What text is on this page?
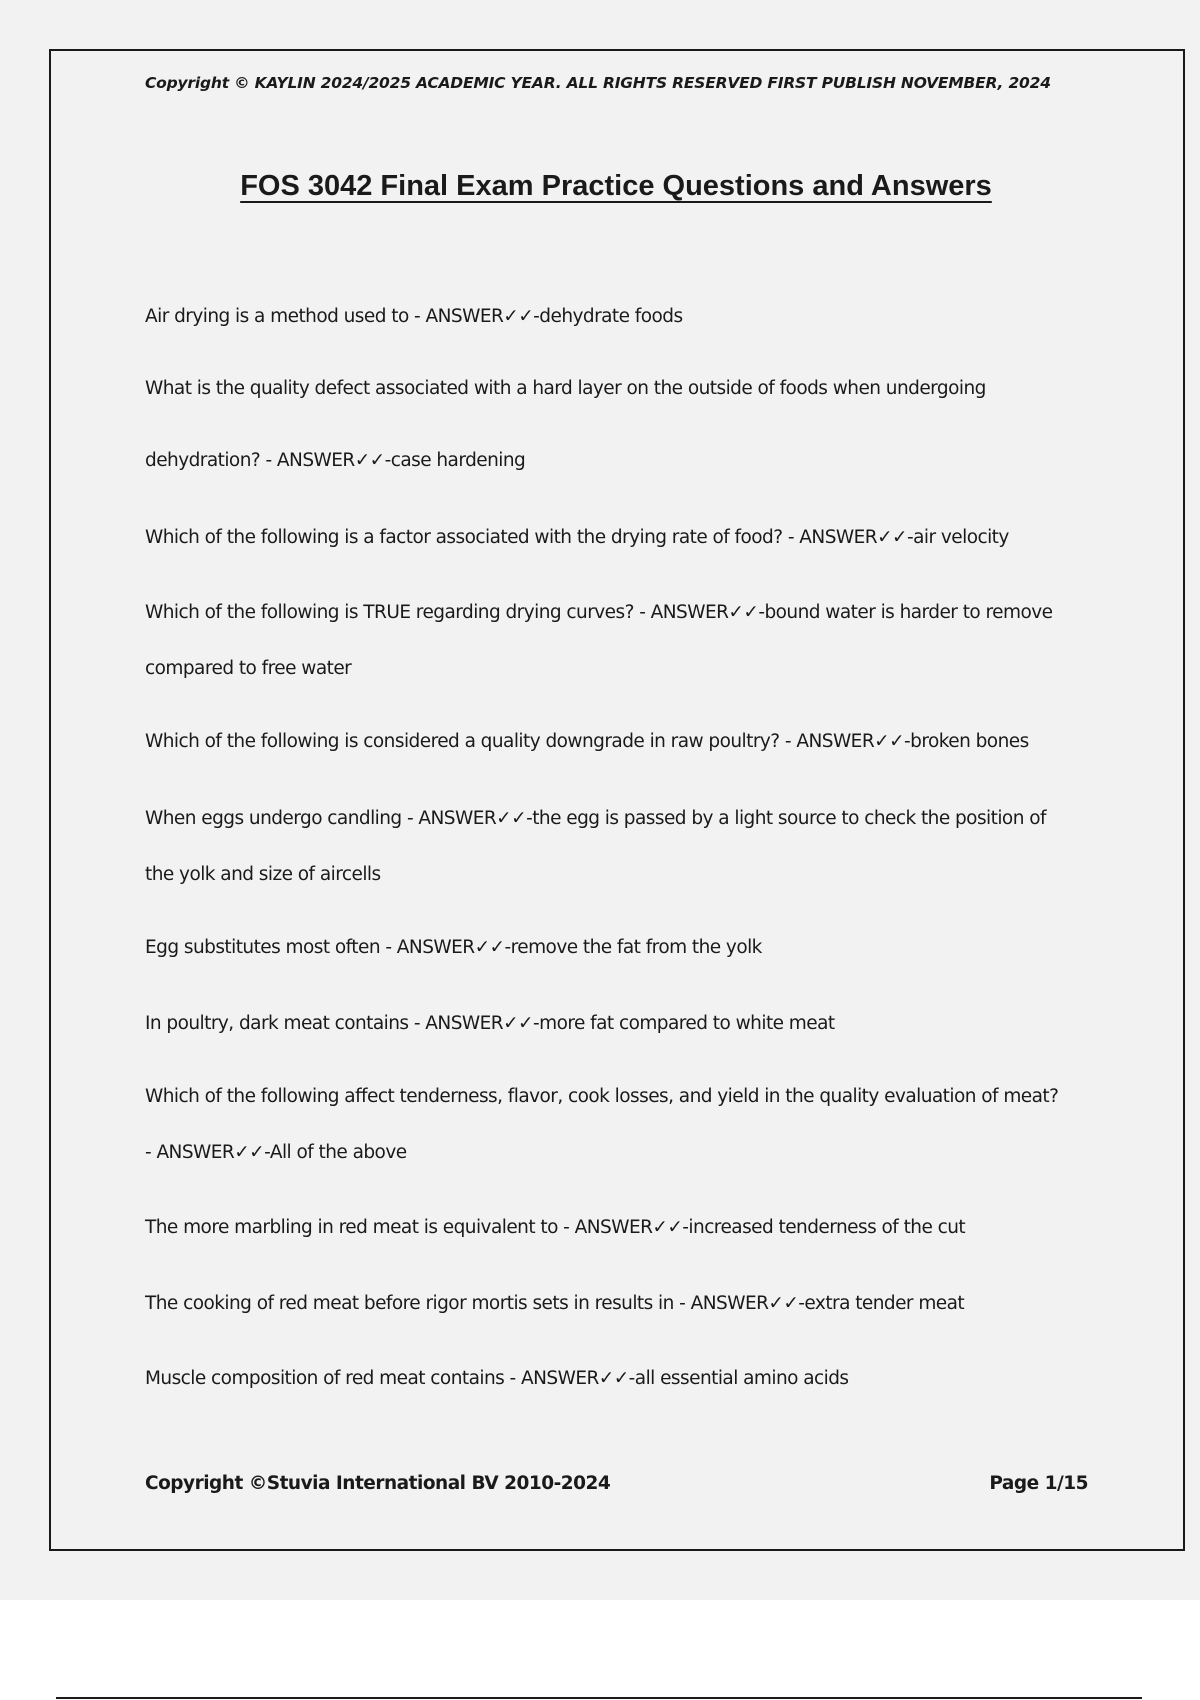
Copyright © KAYLIN 2024/2025 ACADEMIC YEAR. ALL RIGHTS RESERVED FIRST PUBLISH NOVEMBER, 2024
FOS 3042 Final Exam Practice Questions and Answers
Air drying is a method used to - ANSWER✓✓-dehydrate foods
What is the quality defect associated with a hard layer on the outside of foods when undergoing
dehydration? - ANSWER✓✓-case hardening
Which of the following is a factor associated with the drying rate of food? - ANSWER✓✓-air velocity
Which of the following is TRUE regarding drying curves? - ANSWER✓✓-bound water is harder to remove
compared to free water
Which of the following is considered a quality downgrade in raw poultry? - ANSWER✓✓-broken bones
When eggs undergo candling - ANSWER✓✓-the egg is passed by a light source to check the position of
the yolk and size of aircells
Egg substitutes most often - ANSWER✓✓-remove the fat from the yolk
In poultry, dark meat contains - ANSWER✓✓-more fat compared to white meat
Which of the following affect tenderness, flavor, cook losses, and yield in the quality evaluation of meat?
- ANSWER✓✓-All of the above
The more marbling in red meat is equivalent to - ANSWER✓✓-increased tenderness of the cut
The cooking of red meat before rigor mortis sets in results in - ANSWER✓✓-extra tender meat
Muscle composition of red meat contains - ANSWER✓✓-all essential amino acids
Copyright ©Stuvia International BV 2010-2024	Page 1/15
